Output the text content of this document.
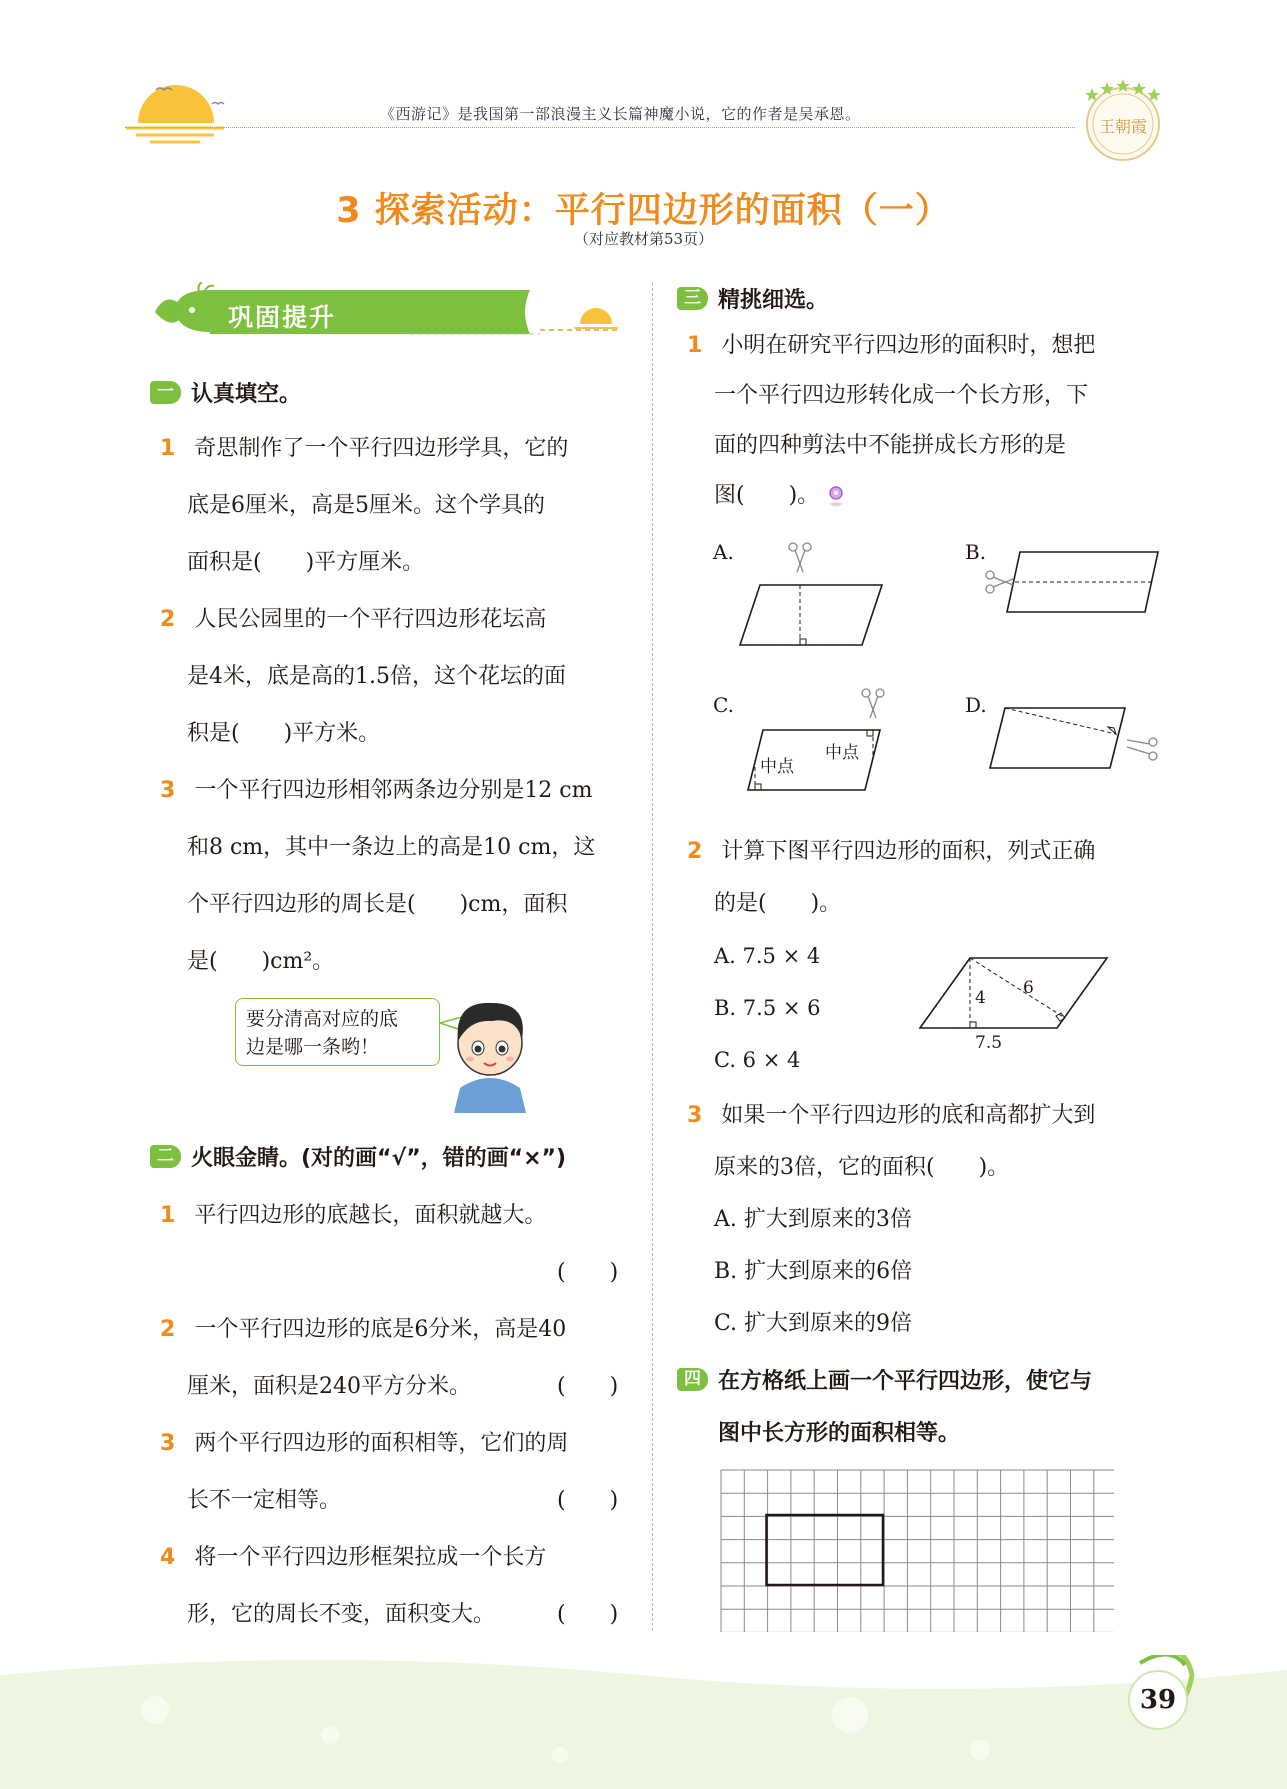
《西游记》是我国第一部浪漫主义长篇神魔小说，它的作者是吴承恩。
王朝霞
3 探索活动：平行四边形的面积（一）
（对应教材第53页）
巩固提升
一 认真填空。
1 奇思制作了一个平行四边形学具，它的
底是6厘米，高是5厘米。这个学具的
面积是(　　)平方厘米。
2 人民公园里的一个平行四边形花坛高
是4米，底是高的1.5倍，这个花坛的面
积是(　　)平方米。
3 一个平行四边形相邻两条边分别是12 cm
和8 cm，其中一条边上的高是10 cm，这
个平行四边形的周长是(　　)cm，面积
是(　　)cm²。
要分清高对应的底
边是哪一条哟！
二 火眼金睛。(对的画“√”，错的画“×”)
1 平行四边形的底越长，面积就越大。
(　　)
2 一个平行四边形的底是6分米，高是40
厘米，面积是240平方分米。	(　　)
3 两个平行四边形的面积相等，它们的周
长不一定相等。	(　　)
4 将一个平行四边形框架拉成一个长方
形，它的周长不变，面积变大。	(　　)
三 精挑细选。
1 小明在研究平行四边形的面积时，想把
一个平行四边形转化成一个长方形，下
面的四种剪法中不能拼成长方形的是
图(　　)。
A.	B.
C.
中点
中点
D.
2 计算下图平行四边形的面积，列式正确
的是(　　)。
A. 7.5 × 4
B. 7.5 × 6
C. 6 × 4
4 6
7.5
3 如果一个平行四边形的底和高都扩大到
原来的3倍，它的面积(　　)。
A. 扩大到原来的3倍
B. 扩大到原来的6倍
C. 扩大到原来的9倍
四 在方格纸上画一个平行四边形，使它与
图中长方形的面积相等。
39
